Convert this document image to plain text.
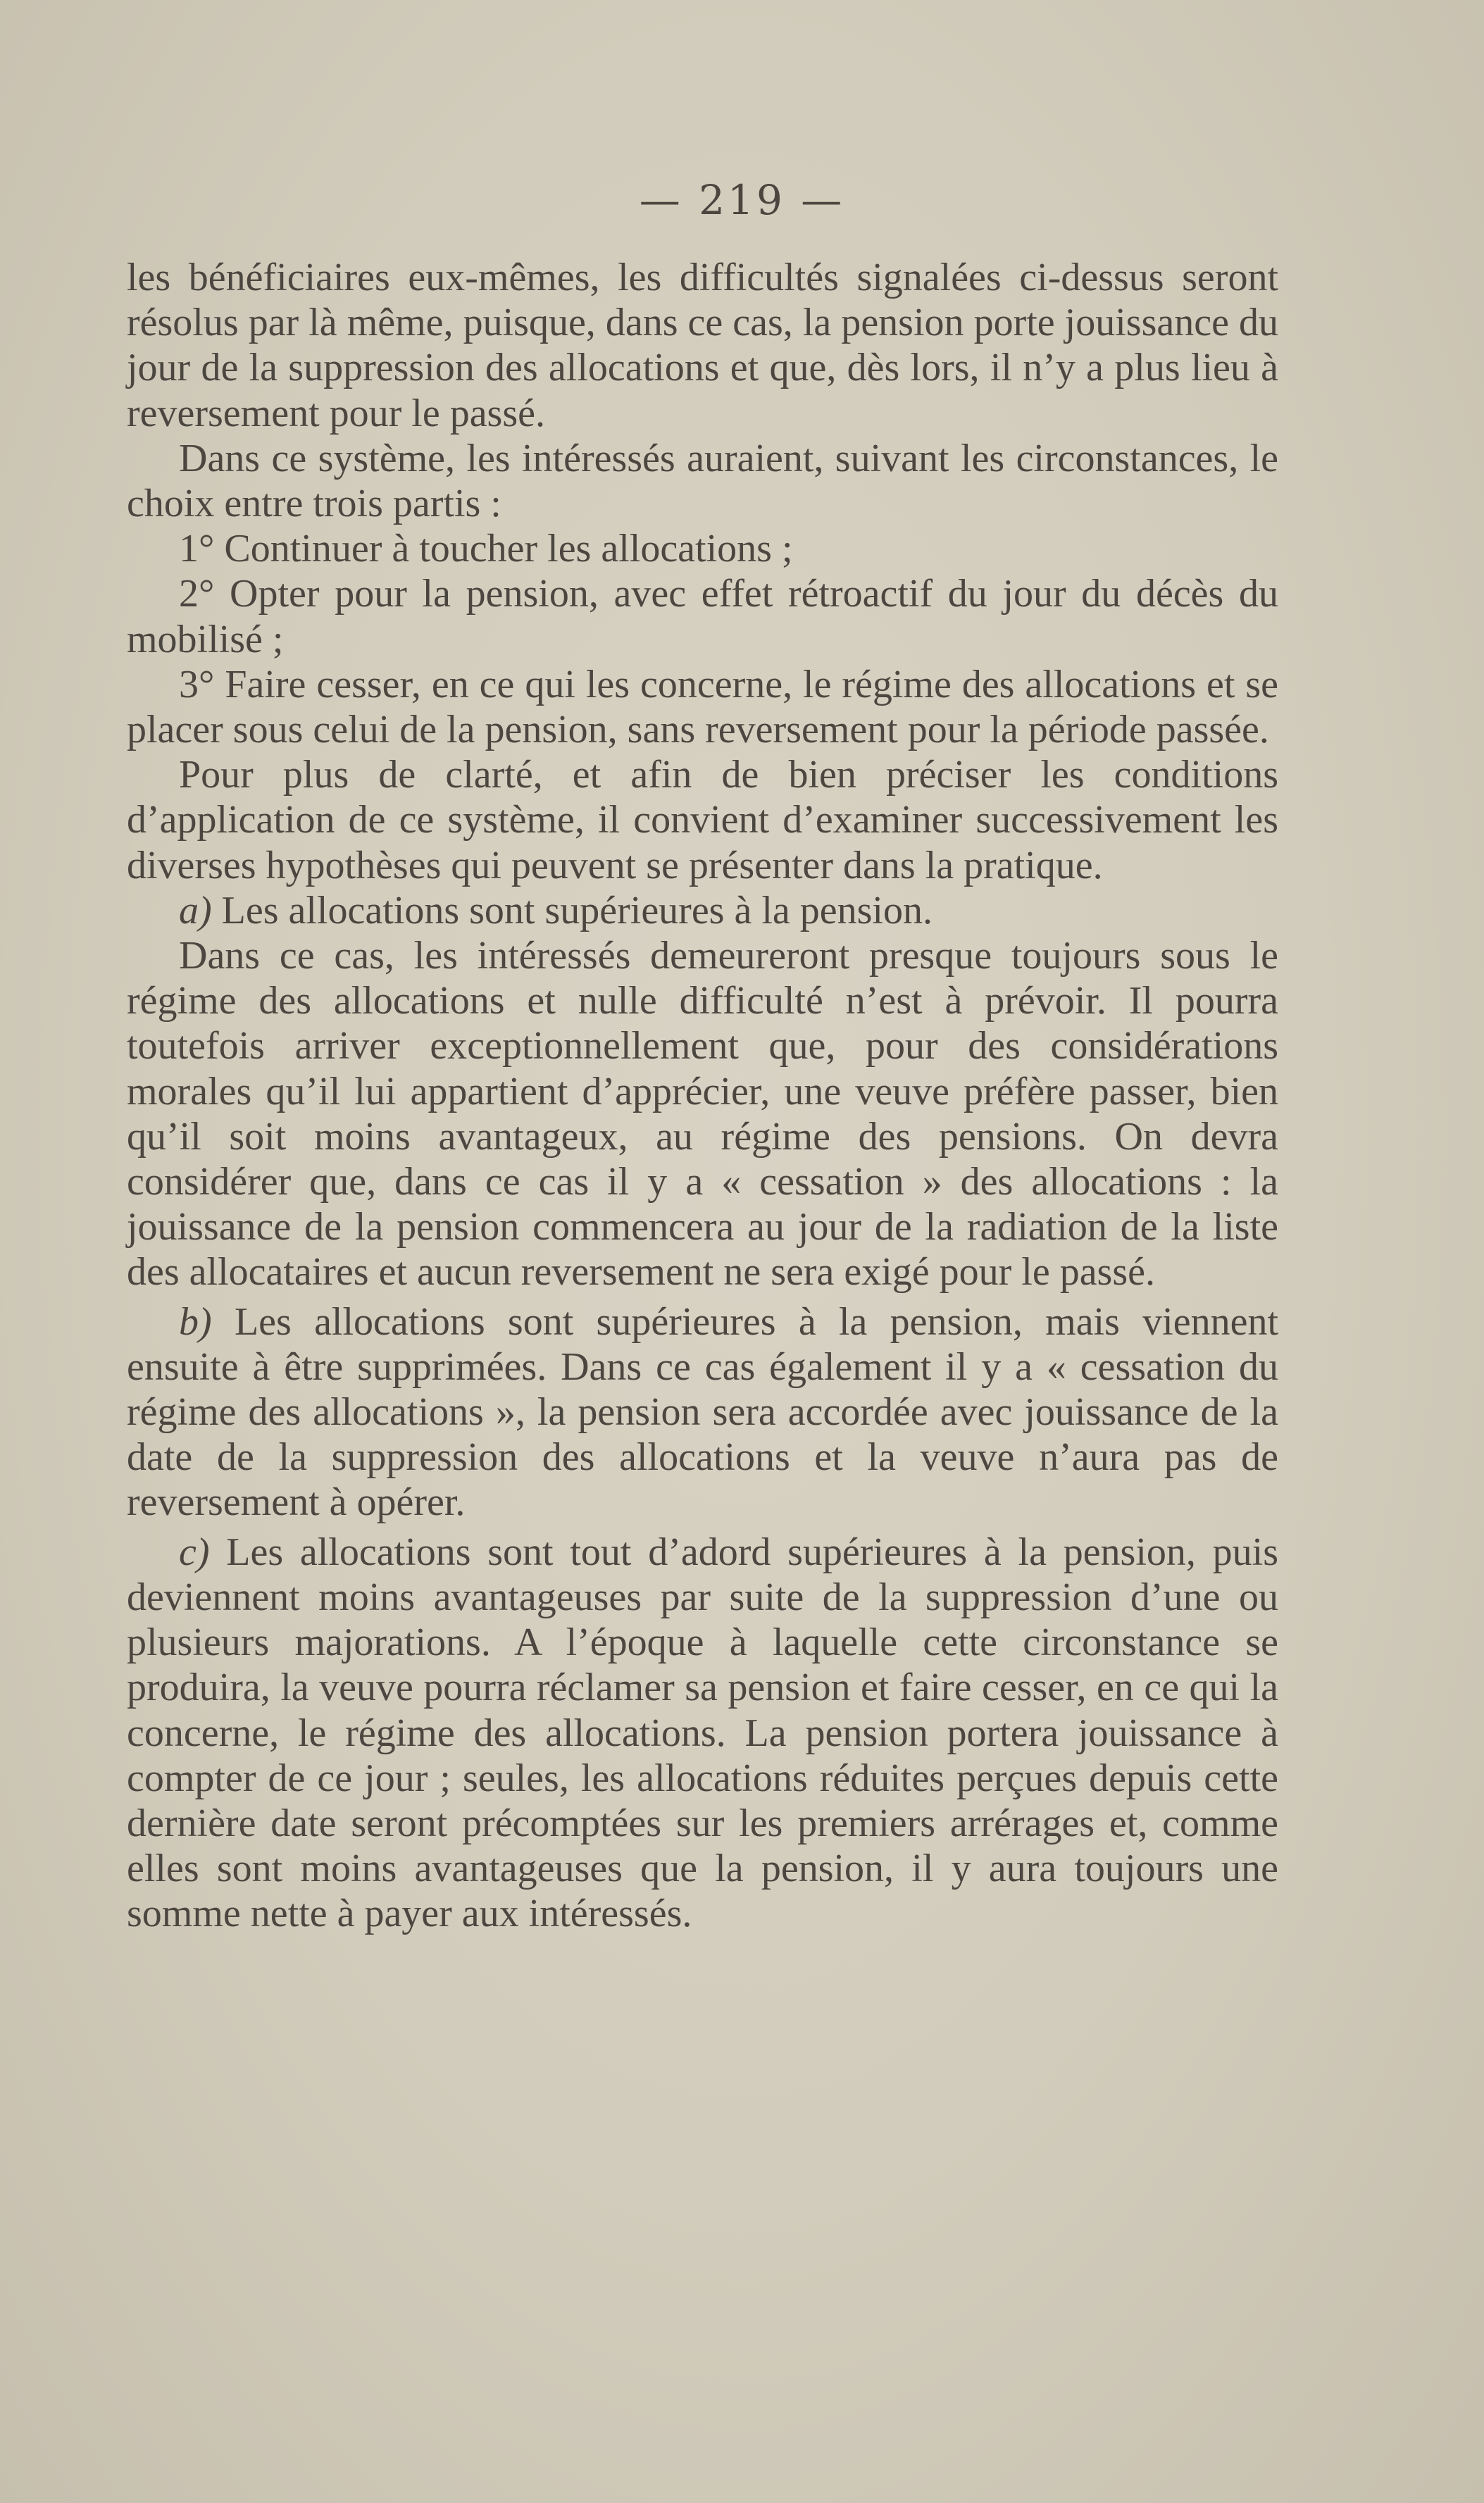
— 219 —

les bénéficiaires eux-mêmes, les difficultés signalées ci-dessus seront résolus par là même, puisque, dans ce cas, la pension porte jouissance du jour de la suppression des allocations et que, dès lors, il n’y a plus lieu à reversement pour le passé.

Dans ce système, les intéressés auraient, suivant les circonstances, le choix entre trois partis :

1° Continuer à toucher les allocations ;

2° Opter pour la pension, avec effet rétroactif du jour du décès du mobilisé ;

3° Faire cesser, en ce qui les concerne, le régime des allocations et se placer sous celui de la pension, sans reversement pour la période passée.

Pour plus de clarté, et afin de bien préciser les conditions d’application de ce système, il convient d’examiner successivement les diverses hypothèses qui peuvent se présenter dans la pratique.

a) Les allocations sont supérieures à la pension.

Dans ce cas, les intéressés demeureront presque toujours sous le régime des allocations et nulle difficulté n’est à prévoir. Il pourra toutefois arriver exceptionnellement que, pour des considérations morales qu’il lui appartient d’apprécier, une veuve préfère passer, bien qu’il soit moins avantageux, au régime des pensions. On devra considérer que, dans ce cas il y a « cessation » des allocations : la jouissance de la pension commencera au jour de la radiation de la liste des allocataires et aucun reversement ne sera exigé pour le passé.

b) Les allocations sont supérieures à la pension, mais viennent ensuite à être supprimées. Dans ce cas également il y a « cessation du régime des allocations », la pension sera accordée avec jouissance de la date de la suppression des allocations et la veuve n’aura pas de reversement à opérer.

c) Les allocations sont tout d’adord supérieures à la pension, puis deviennent moins avantageuses par suite de la suppression d’une ou plusieurs majorations. A l’époque à laquelle cette circonstance se produira, la veuve pourra réclamer sa pension et faire cesser, en ce qui la concerne, le régime des allocations. La pension portera jouissance à compter de ce jour ; seules, les allocations réduites perçues depuis cette dernière date seront précomptées sur les premiers arrérages et, comme elles sont moins avantageuses que la pension, il y aura toujours une somme nette à payer aux intéressés.
